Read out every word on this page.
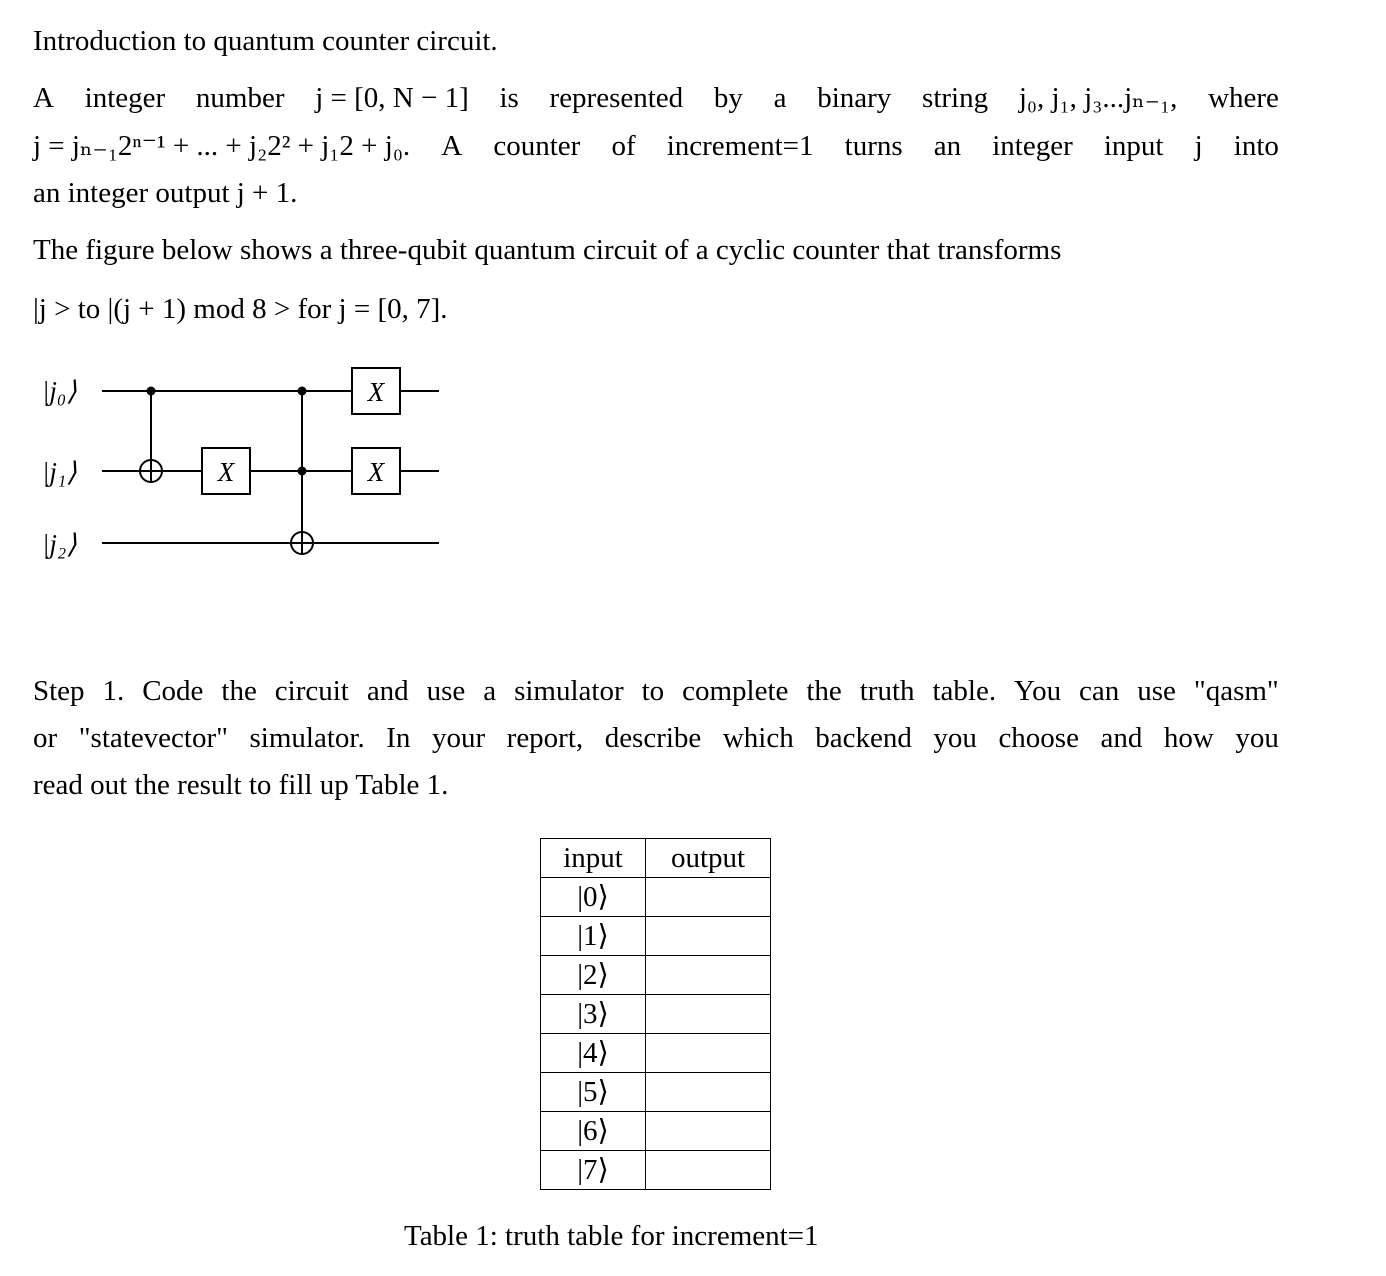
Introduction to quantum counter circuit.
A integer number j = [0, N − 1] is represented by a binary string j₀, j₁, j₃...jₙ₋₁, where
j = jₙ₋₁2ⁿ⁻¹ + ... + j₂2² + j₁2 + j₀. A counter of increment=1 turns an integer input j into
an integer output j + 1.
The figure below shows a three-qubit quantum circuit of a cyclic counter that transforms
|j > to |(j + 1) mod 8 > for j = [0, 7].
|j₀⟩
|j₁⟩
|j₂⟩
X
X
X
Step 1. Code the circuit and use a simulator to complete the truth table. You can use "qasm"
or "statevector" simulator. In your report, describe which backend you choose and how you
read out the result to fill up Table 1.
input	output
|0⟩	
|1⟩	
|2⟩	
|3⟩	
|4⟩	
|5⟩	
|6⟩	
|7⟩	
Table 1: truth table for increment=1
